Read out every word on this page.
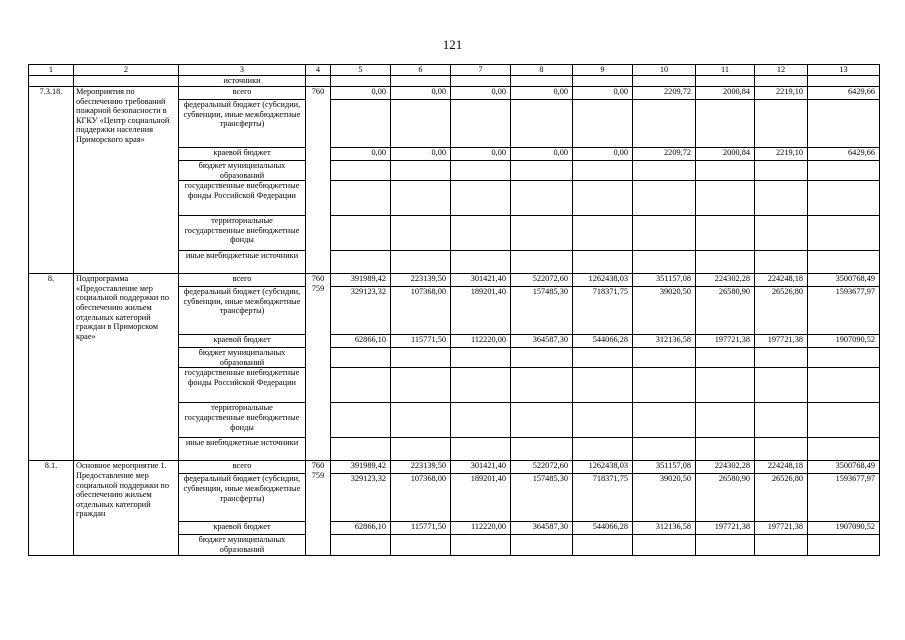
121
1	2	3	4	5	6	7	8	9	10	11	12	13
		источники										
7.3.18.	Мероприятия по обеспечению требований пожарной безопасности в КГКУ «Центр социальной поддержки населения Приморского края»	всего	760	0,00	0,00	0,00	0,00	0,00	2209,72	2000,84	2219,10	6429,66
		федеральный бюджет (субсидии, субвенции, иные межбюджетные трансферты)										
		краевой бюджет		0,00	0,00	0,00	0,00	0,00	2209,72	2000,84	2219,10	6429,66
		бюджет муниципальных образований										
		государственные внебюджетные фонды Российской Федерации										
		территориальные государственные внебюджетные фонды										
		иные внебюджетные источники										
8.	Подпрограмма «Предоставление мер социальной поддержки по обеспечению жильем отдельных категорий граждан в Приморском крае»	всего	760 759	391989,42	223139,50	301421,40	522072,60	1262438,03	351157,08	224302,28	224248,18	3500768,49
		федеральный бюджет (субсидии, субвенции, иные межбюджетные трансферты)		329123,32	107368,00	189201,40	157485,30	718371,75	39020,50	26580,90	26526,80	1593677,97
		краевой бюджет		62866,10	115771,50	112220,00	364587,30	544066,28	312136,58	197721,38	197721,38	1907090,52
		бюджет муниципальных образований										
		государственные внебюджетные фонды Российской Федерации										
		территориальные государственные внебюджетные фонды										
		иные внебюджетные источники										
8.1.	Основное мероприятие 1. Предоставление мер социальной поддержки по обеспечению жильем отдельных категорий граждан	всего	760 759	391989,42	223139,50	301421,40	522072,60	1262438,03	351157,08	224302,28	224248,18	3500768,49
		федеральный бюджет (субсидии, субвенции, иные межбюджетные трансферты)		329123,32	107368,00	189201,40	157485,30	718371,75	39020,50	26580,90	26526,80	1593677,97
		краевой бюджет		62866,10	115771,50	112220,00	364587,30	544066,28	312136,58	197721,38	197721,38	1907090,52
		бюджет муниципальных образований										
